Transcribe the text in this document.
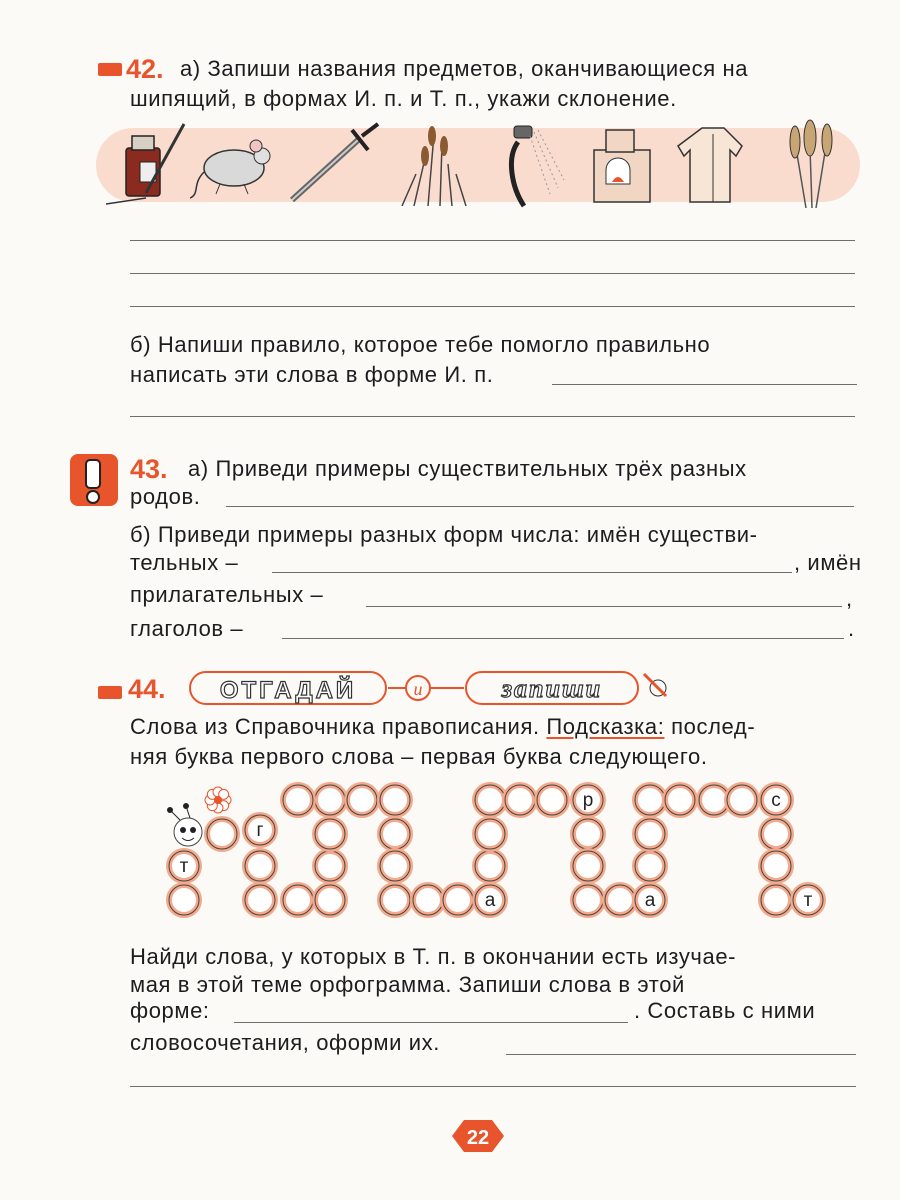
42. а) Запиши названия предметов, оканчивающиеся на
шипящий, в формах И. п. и Т. п., укажи склонение.
б) Напиши правило, которое тебе помогло правильно
написать эти слова в форме И. п.
43. а) Приведи примеры существительных трёх разных
родов.
б) Приведи примеры разных форм числа: имён существи-
тельных –	, имён
прилагательных –	,
глаголов –	.
44. ОТГАДАЙ	и	запиши
Слова из Справочника правописания. Подсказка: послед-
няя буква первого слова – первая буква следующего.
т
г
а
р
а
с
т
Найди слова, у которых в Т. п. в окончании есть изучае-
мая в этой теме орфограмма. Запиши слова в этой
форме:	. Составь с ними
словосочетания, оформи их.
22
